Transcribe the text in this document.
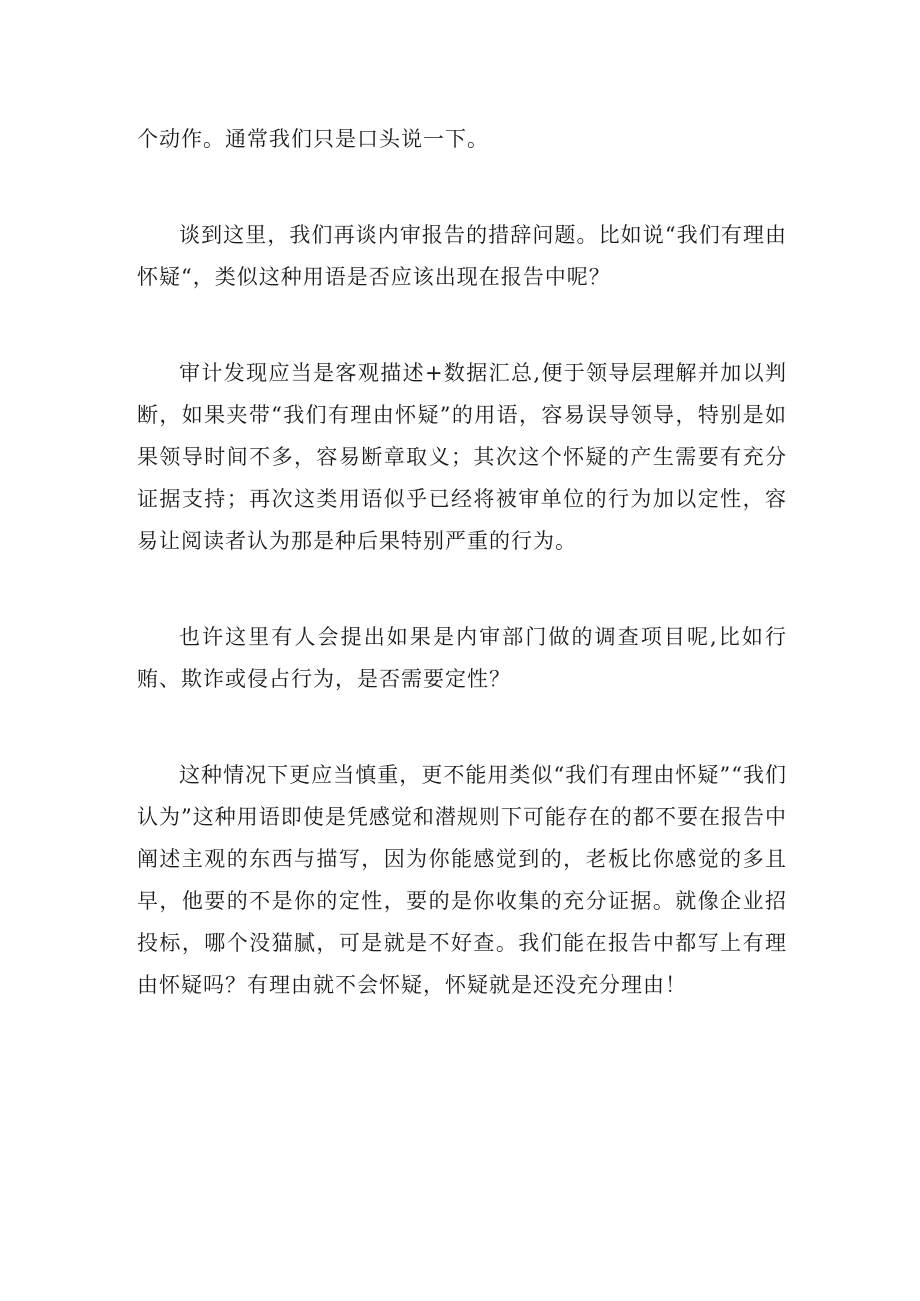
个动作。通常我们只是口头说一下。

谈到这里，我们再谈内审报告的措辞问题。比如说“我们有理由怀疑“，类似这种用语是否应该出现在报告中呢？

审计发现应当是客观描述+数据汇总,便于领导层理解并加以判断，如果夹带“我们有理由怀疑”的用语，容易误导领导，特别是如果领导时间不多，容易断章取义；其次这个怀疑的产生需要有充分证据支持；再次这类用语似乎已经将被审单位的行为加以定性，容易让阅读者认为那是种后果特别严重的行为。

也许这里有人会提出如果是内审部门做的调查项目呢,比如行贿、欺诈或侵占行为，是否需要定性？

这种情况下更应当慎重，更不能用类似“我们有理由怀疑”“我们认为”这种用语即使是凭感觉和潜规则下可能存在的都不要在报告中阐述主观的东西与描写，因为你能感觉到的，老板比你感觉的多且早，他要的不是你的定性，要的是你收集的充分证据。就像企业招投标，哪个没猫腻，可是就是不好查。我们能在报告中都写上有理由怀疑吗？有理由就不会怀疑，怀疑就是还没充分理由！
